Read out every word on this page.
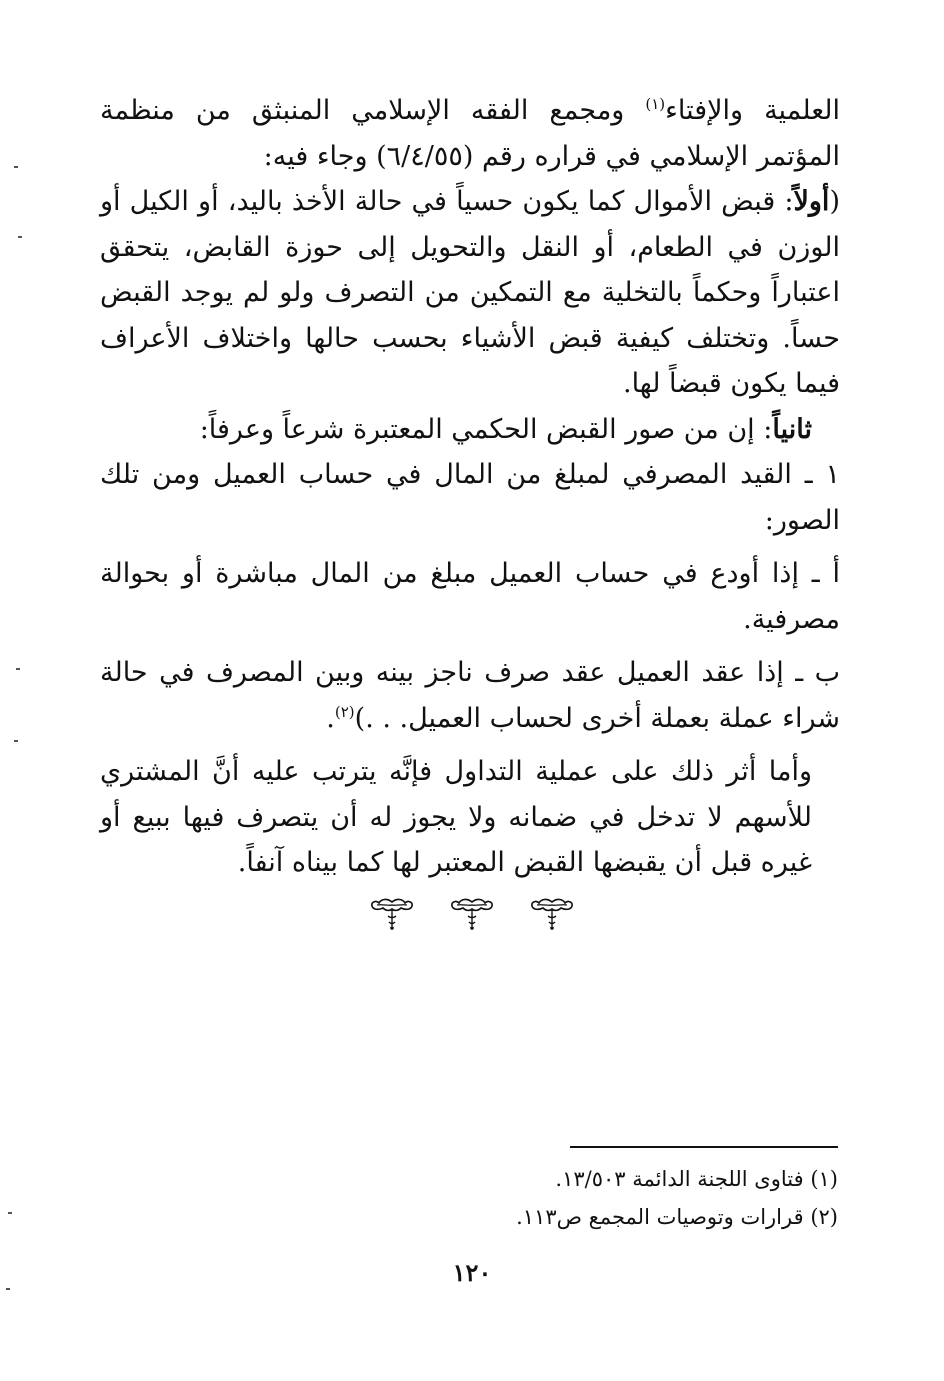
العلمية والإفتاء$^{(١)}$ ومجمع الفقه الإسلامي المنبثق من منظمة المؤتمر الإسلامي في قراره رقم (٦/٤/٥٥) وجاء فيه:

(أولاً: قبض الأموال كما يكون حسياً في حالة الأخذ باليد، أو الكيل أو الوزن في الطعام، أو النقل والتحويل إلى حوزة القابض، يتحقق اعتباراً وحكماً بالتخلية مع التمكين من التصرف ولو لم يوجد القبض حساً. وتختلف كيفية قبض الأشياء بحسب حالها واختلاف الأعراف فيما يكون قبضاً لها.

ثانياً: إن من صور القبض الحكمي المعتبرة شرعاً وعرفاً:

١ ـ القيد المصرفي لمبلغ من المال في حساب العميل ومن تلك الصور:

أ ـ إذا أودع في حساب العميل مبلغ من المال مباشرة أو بحوالة مصرفية.

ب ـ إذا عقد العميل عقد صرف ناجز بينه وبين المصرف في حالة شراء عملة بعملة أخرى لحساب العميل. . .)$^{(٢)}$.

وأما أثر ذلك على عملية التداول فإنَّه يترتب عليه أنَّ المشتري للأسهم لا تدخل في ضمانه ولا يجوز له أن يتصرف فيها ببيع أو غيره قبل أن يقبضها القبض المعتبر لها كما بيناه آنفاً.

(١) فتاوى اللجنة الدائمة ١٣/٥٠٣.
(٢) قرارات وتوصيات المجمع ص١١٣.
١٢٠
